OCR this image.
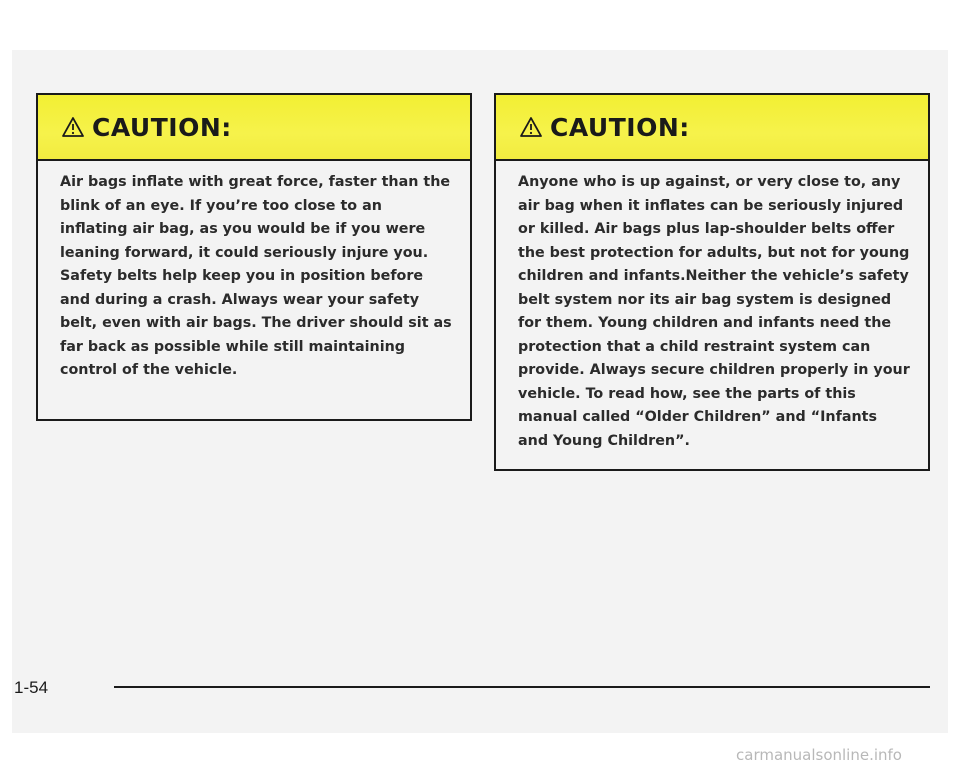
CAUTION:
Air bags inflate with great force, faster than the blink of an eye. If you’re too close to an inflating air bag, as you would be if you were leaning forward, it could seriously injure you. Safety belts help keep you in position before and during a crash. Always wear your safety belt, even with air bags. The driver should sit as far back as possible while still maintaining control of the vehicle.
CAUTION:
Anyone who is up against, or very close to, any air bag when it inflates can be seriously injured or killed. Air bags plus lap-shoulder belts offer the best protection for adults, but not for young children and infants.Neither the vehicle’s safety belt system nor its air bag system is designed for them. Young children and infants need the protection that a child restraint system can provide. Always secure children properly in your vehicle. To read how, see the parts of this manual called “Older Children” and “Infants and Young Children”.
1-54
carmanualsonline.info
